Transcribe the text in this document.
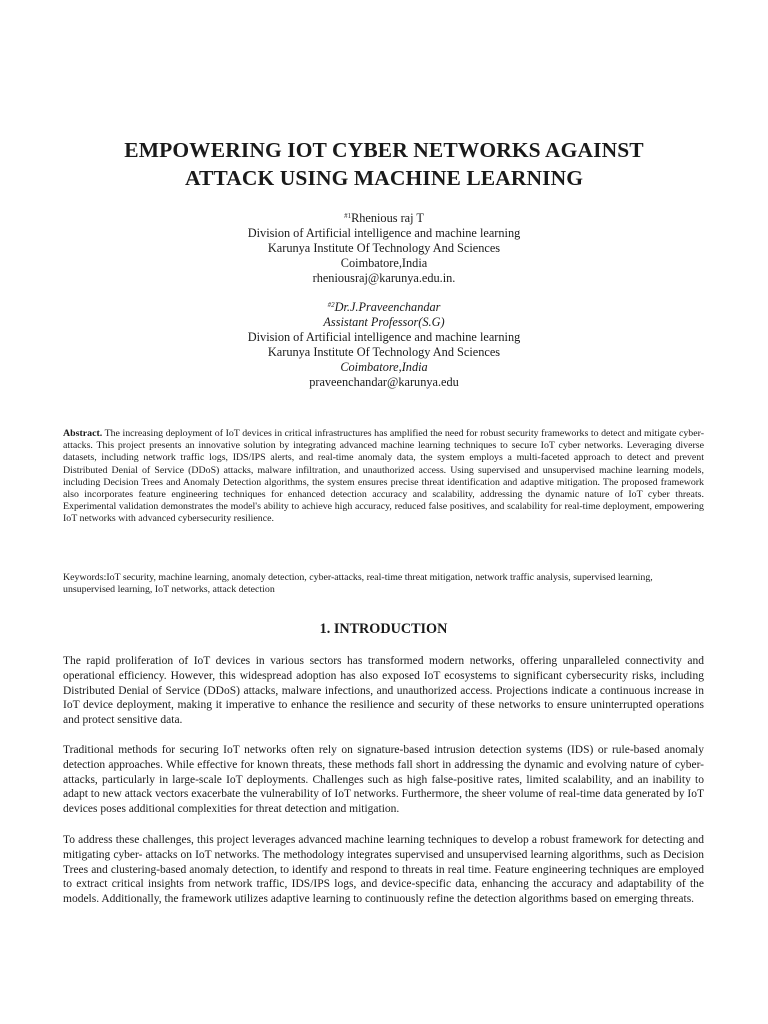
EMPOWERING IOT CYBER NETWORKS AGAINST
ATTACK USING MACHINE LEARNING
$^{\#1}$Rhenious raj T
Division of Artificial intelligence and machine learning
Karunya Institute Of Technology And Sciences
Coimbatore,India
rheniousraj@karunya.edu.in.
$^{\#2}$Dr.J.Praveenchandar
Assistant Professor(S.G)
Division of Artificial intelligence and machine learning
Karunya Institute Of Technology And Sciences
Coimbatore,India
praveenchandar@karunya.edu

Abstract. The increasing deployment of IoT devices in critical infrastructures has amplified the need for robust security frameworks to detect and mitigate cyber-attacks. This project presents an innovative solution by integrating advanced machine learning techniques to secure IoT cyber networks. Leveraging diverse datasets, including network traffic logs, IDS/IPS alerts, and real-time anomaly data, the system employs a multi-faceted approach to detect and prevent Distributed Denial of Service (DDoS) attacks, malware infiltration, and unauthorized access. Using supervised and unsupervised machine learning models, including Decision Trees and Anomaly Detection algorithms, the system ensures precise threat identification and adaptive mitigation. The proposed framework also incorporates feature engineering techniques for enhanced detection accuracy and scalability, addressing the dynamic nature of IoT cyber threats. Experimental validation demonstrates the model's ability to achieve high accuracy, reduced false positives, and scalability for real-time deployment, empowering IoT networks with advanced cybersecurity resilience.

Keywords:IoT security, machine learning, anomaly detection, cyber-attacks, real-time threat mitigation, network traffic analysis, supervised learning, unsupervised learning, IoT networks, attack detection

1. INTRODUCTION

The rapid proliferation of IoT devices in various sectors has transformed modern networks, offering unparalleled connectivity and operational efficiency. However, this widespread adoption has also exposed IoT ecosystems to significant cybersecurity risks, including Distributed Denial of Service (DDoS) attacks, malware infections, and unauthorized access. Projections indicate a continuous increase in IoT device deployment, making it imperative to enhance the resilience and security of these networks to ensure uninterrupted operations and protect sensitive data.

Traditional methods for securing IoT networks often rely on signature-based intrusion detection systems (IDS) or rule-based anomaly detection approaches. While effective for known threats, these methods fall short in addressing the dynamic and evolving nature of cyber-attacks, particularly in large-scale IoT deployments. Challenges such as high false-positive rates, limited scalability, and an inability to adapt to new attack vectors exacerbate the vulnerability of IoT networks. Furthermore, the sheer volume of real-time data generated by IoT devices poses additional complexities for threat detection and mitigation.

To address these challenges, this project leverages advanced machine learning techniques to develop a robust framework for detecting and mitigating cyber- attacks on IoT networks. The methodology integrates supervised and unsupervised learning algorithms, such as Decision Trees and clustering-based anomaly detection, to identify and respond to threats in real time. Feature engineering techniques are employed to extract critical insights from network traffic, IDS/IPS logs, and device-specific data, enhancing the accuracy and adaptability of the models. Additionally, the framework utilizes adaptive learning to continuously refine the detection algorithms based on emerging threats.
